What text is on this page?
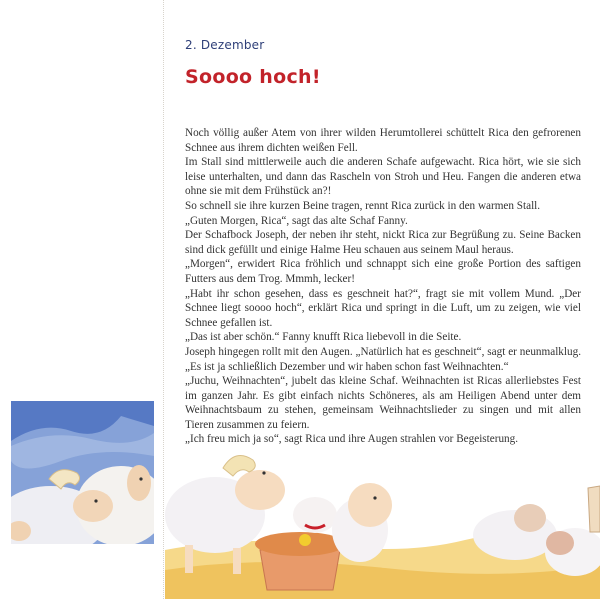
2. Dezember
Soooo hoch!

Noch völlig außer Atem von ihrer wilden Herumtollerei schüttelt Rica den gefrorenen Schnee aus ihrem dichten weißen Fell.

Im Stall sind mittlerweile auch die anderen Schafe aufgewacht. Rica hört, wie sie sich leise unterhalten, und dann das Rascheln von Stroh und Heu. Fangen die anderen etwa ohne sie mit dem Frühstück an?!

So schnell sie ihre kurzen Beine tragen, rennt Rica zurück in den warmen Stall.

„Guten Morgen, Rica“, sagt das alte Schaf Fanny.

Der Schafbock Joseph, der neben ihr steht, nickt Rica zur Begrüßung zu. Seine Backen sind dick gefüllt und einige Halme Heu schauen aus seinem Maul heraus.

„Morgen“, erwidert Rica fröhlich und schnappt sich eine große Portion des saftigen Futters aus dem Trog. Mmmh, lecker!

„Habt ihr schon gesehen, dass es geschneit hat?“, fragt sie mit vollem Mund. „Der Schnee liegt soooo hoch“, erklärt Rica und springt in die Luft, um zu zeigen, wie viel Schnee gefallen ist.

„Das ist aber schön.“ Fanny knufft Rica liebevoll in die Seite.

Joseph hingegen rollt mit den Augen. „Natürlich hat es geschneit“, sagt er neunmalklug. „Es ist ja schließlich Dezember und wir haben schon fast Weihnachten.“

„Juchu, Weihnachten“, jubelt das kleine Schaf. Weihnachten ist Ricas allerliebstes Fest im ganzen Jahr. Es gibt einfach nichts Schöneres, als am Heiligen Abend unter dem Weihnachtsbaum zu stehen, gemeinsam Weihnachtslieder zu singen und mit allen Tieren zusammen zu feiern.

„Ich freu mich ja so“, sagt Rica und ihre Augen strahlen vor Begeisterung.
